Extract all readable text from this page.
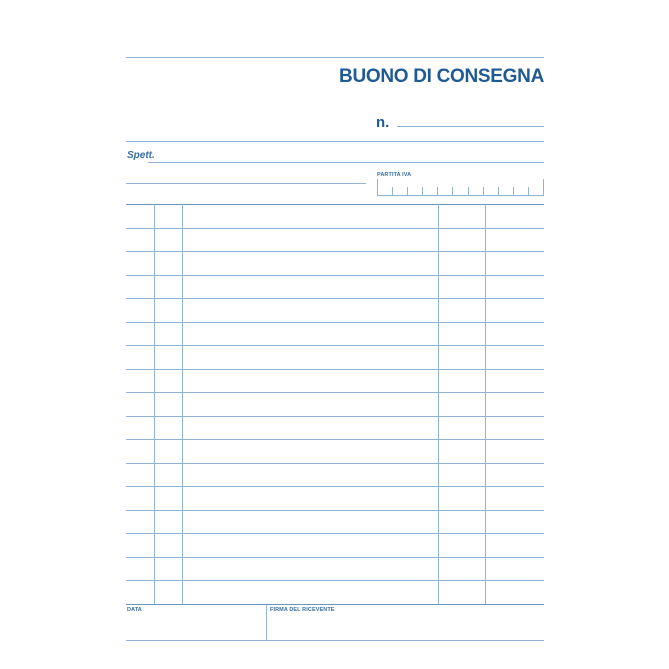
BUONO DI CONSEGNA
n.
Spett.
PARTITA IVA
DATA	FIRMA DEL RICEVENTE
